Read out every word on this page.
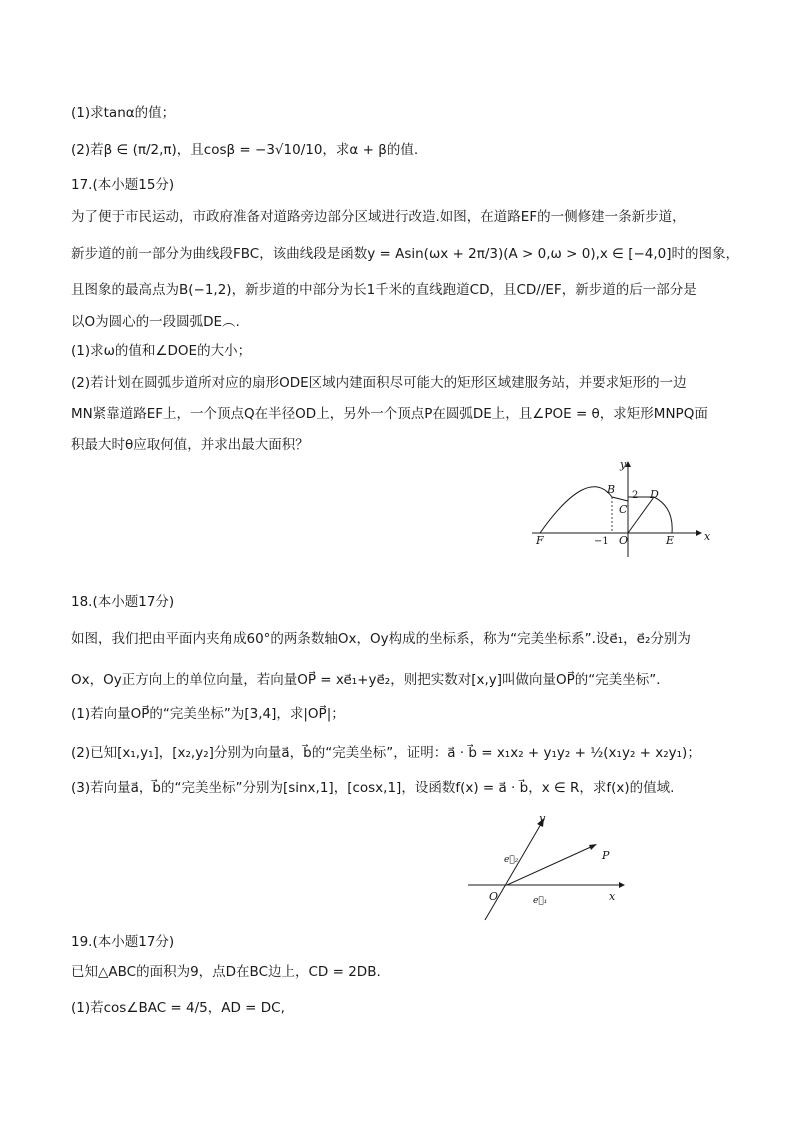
(1)求tanα的值；
(2)若β ∈ (π/2,π)，且cosβ = −3√10/10，求α + β的值.
17.(本小题15分)
为了便于市民运动，市政府准备对道路旁边部分区域进行改造.如图，在道路EF的一侧修建一条新步道，
新步道的前一部分为曲线段FBC，该曲线段是函数y = Asin(ωx + 2π/3)(A > 0,ω > 0),x ∈ [−4,0]时的图象，
且图象的最高点为B(−1,2)，新步道的中部分为长1千米的直线跑道CD，且CD//EF，新步道的后一部分是
以O为圆心的一段圆弧DE︵.
(1)求ω的值和∠DOE的大小；
(2)若计划在圆弧步道所对应的扇形ODE区域内建面积尽可能大的矩形区域建服务站，并要求矩形的一边
MN紧靠道路EF上，一个顶点Q在半径OD上，另外一个顶点P在圆弧DE上，且∠POE = θ，求矩形MNPQ面
积最大时θ应取何值，并求出最大面积？
y
x
B
C
2 D
O
−1	E
F
18.(本小题17分)
如图，我们把由平面内夹角成60°的两条数轴Ox，Oy构成的坐标系，称为“完美坐标系”.设e⃗₁，e⃗₂分别为
Ox，Oy正方向上的单位向量，若向量OP⃗ = xe⃗₁+ye⃗₂，则把实数对[x,y]叫做向量OP⃗的“完美坐标”．
(1)若向量OP⃗的“完美坐标”为[3,4]，求|OP⃗|；
(2)已知[x₁,y₁]，[x₂,y₂]分别为向量a⃗，b⃗的“完美坐标”，证明：a⃗ · b⃗ = x₁x₂ + y₁y₂ + ½(x₁y₂ + x₂y₁)；
(3)若向量a⃗，b⃗的“完美坐标”分别为[sinx,1]，[cosx,1]，设函数f(x) = a⃗ · b⃗，x ∈ R，求f(x)的值域.
y
x
P
O	e⃗₁
e⃗₂
19.(本小题17分)
已知△ABC的面积为9，点D在BC边上，CD = 2DB.
(1)若cos∠BAC = 4/5，AD = DC,
